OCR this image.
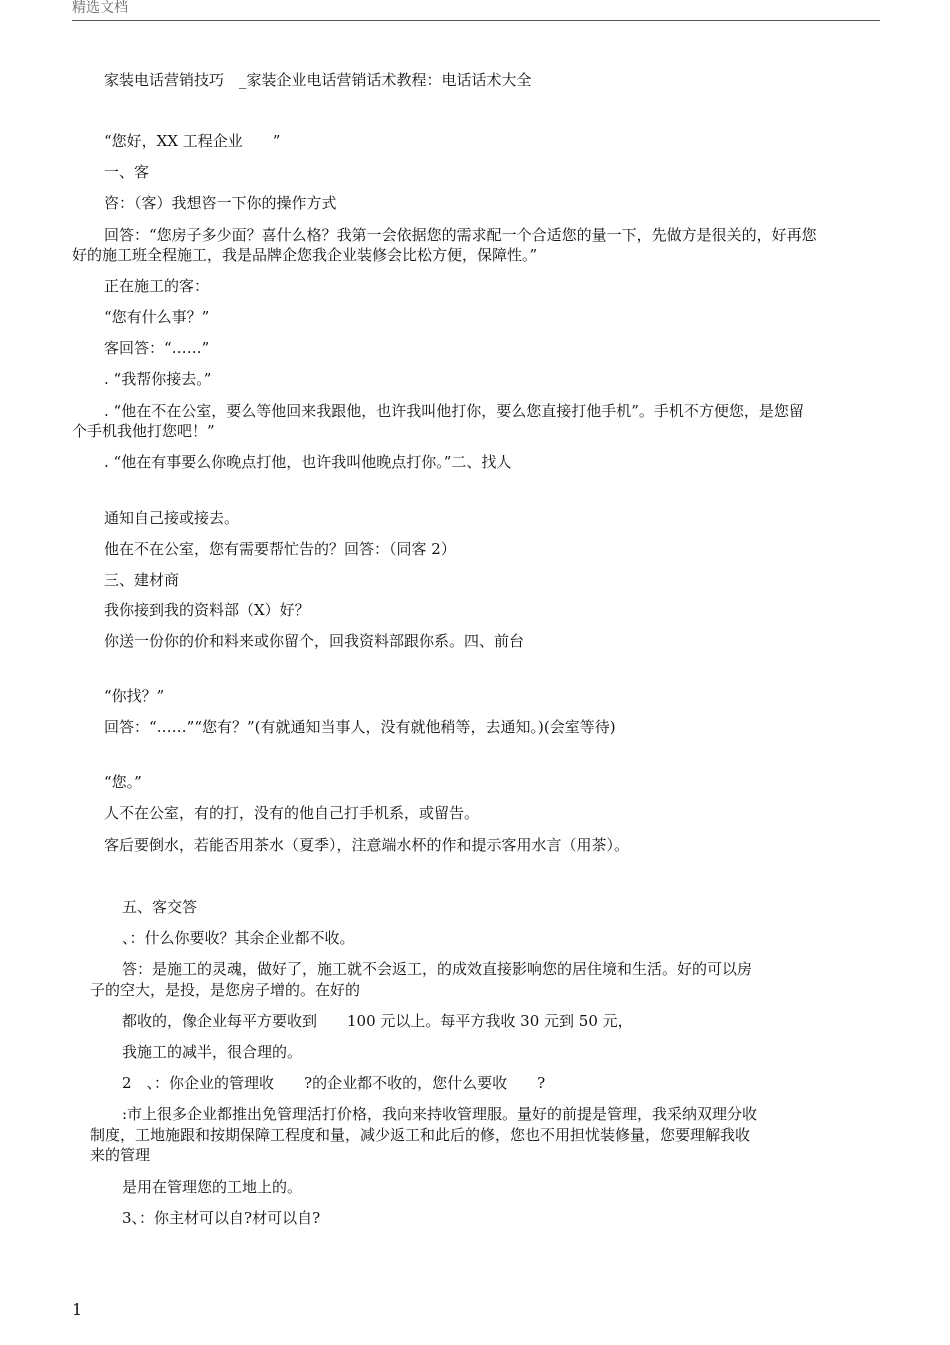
精选文档
家装电话营销技巧　_家装企业电话营销话术教程：电话话术大全
“您好，XX 工程企业　　”
一、客
咨：（客）我想咨一下你的操作方式
回答：“您房子多少面？喜什么格？我第一会依据您的需求配一个合适您的量一下，先做方是很关的，好再您
好的施工班全程施工，我是品牌企您我企业装修会比松方便，保障性。”
正在施工的客：
“您有什么事？”
客回答：“……”
. “我帮你接去。”
. “他在不在公室，要么等他回来我跟他，也许我叫他打你，要么您直接打他手机”。手机不方便您，是您留
个手机我他打您吧！”
. “他在有事要么你晚点打他，也许我叫他晚点打你。”二、找人
通知自己接或接去。
他在不在公室，您有需要帮忙告的？回答：（同客 2）
三、建材商
我你接到我的资料部（X）好？
你送一份你的价和料来或你留个，回我资料部跟你系。四、前台
“你找？”
回答：“……”“您有？”(有就通知当事人，没有就他稍等，去通知。)(会室等待)
“您。”
人不在公室，有的打，没有的他自己打手机系，或留告。
客后要倒水，若能否用茶水（夏季），注意端水杯的作和提示客用水言（用茶）。
五、客交答
、：什么你要收？其余企业都不收。
答：是施工的灵魂，做好了，施工就不会返工，的成效直接影响您的居住境和生活。好的可以房
子的空大，是投，是您房子增的。在好的
都收的，像企业每平方要收到　　100 元以上。每平方我收 30 元到 50 元，
我施工的减半，很合理的。
2　、：你企业的管理收　　?的企业都不收的，您什么要收　　?
:市上很多企业都推出免管理活打价格，我向来持收管理服。量好的前提是管理，我采纳双理分收
制度，工地施跟和按期保障工程度和量，减少返工和此后的修，您也不用担忧装修量，您要理解我收
来的管理
是用在管理您的工地上的。
3、：你主材可以自?材可以自?
1
